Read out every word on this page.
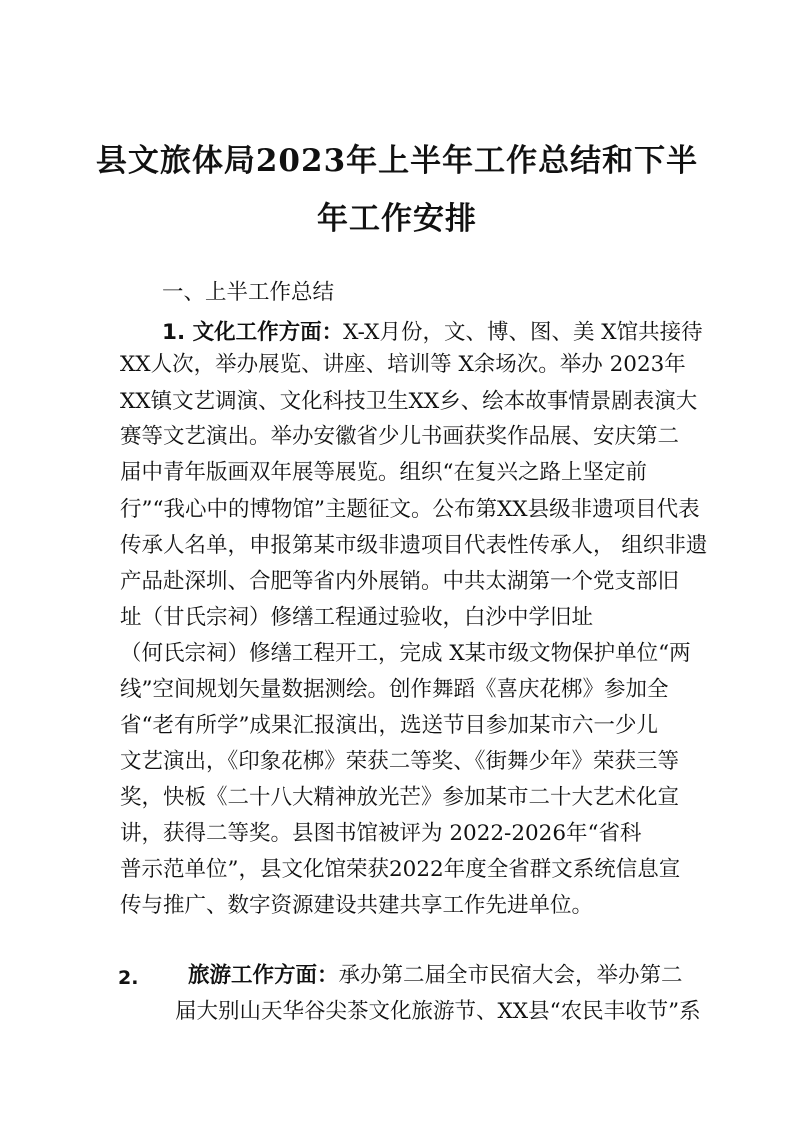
县文旅体局2023年上半年工作总结和下半
年工作安排
一、上半工作总结
1. 文化工作方面：X-X月份，文、博、图、美 X馆共接待
XX人次，举办展览、讲座、培训等 X余场次。举办 2023年
XX镇文艺调演、文化科技卫生XX乡、绘本故事情景剧表演大
赛等文艺演出。举办安徽省少儿书画获奖作品展、安庆第二
届中青年版画双年展等展览。组织“在复兴之路上坚定前
行”“我心中的博物馆”主题征文。公布第XX县级非遗项目代表
传承人名单，申报第某市级非遗项目代表性传承人， 组织非遗
产品赴深圳、合肥等省内外展销。中共太湖第一个党支部旧
址（甘氏宗祠）修缮工程通过验收，白沙中学旧址
（何氏宗祠）修缮工程开工，完成 X某市级文物保护单位“两
线”空间规划矢量数据测绘。创作舞蹈《喜庆花梆》参加全
省“老有所学”成果汇报演出，选送节目参加某市六一少儿
文艺演出，《印象花梆》荣获二等奖、《街舞少年》荣获三等
奖，快板《二十八大精神放光芒》参加某市二十大艺术化宣
讲，获得二等奖。县图书馆被评为 2022-2026年“省科
普示范单位”，县文化馆荣获2022年度全省群文系统信息宣
传与推广、数字资源建设共建共享工作先进单位。
2. 旅游工作方面：承办第二届全市民宿大会，举办第二
届大别山天华谷尖茶文化旅游节、XX县“农民丰收节”系
